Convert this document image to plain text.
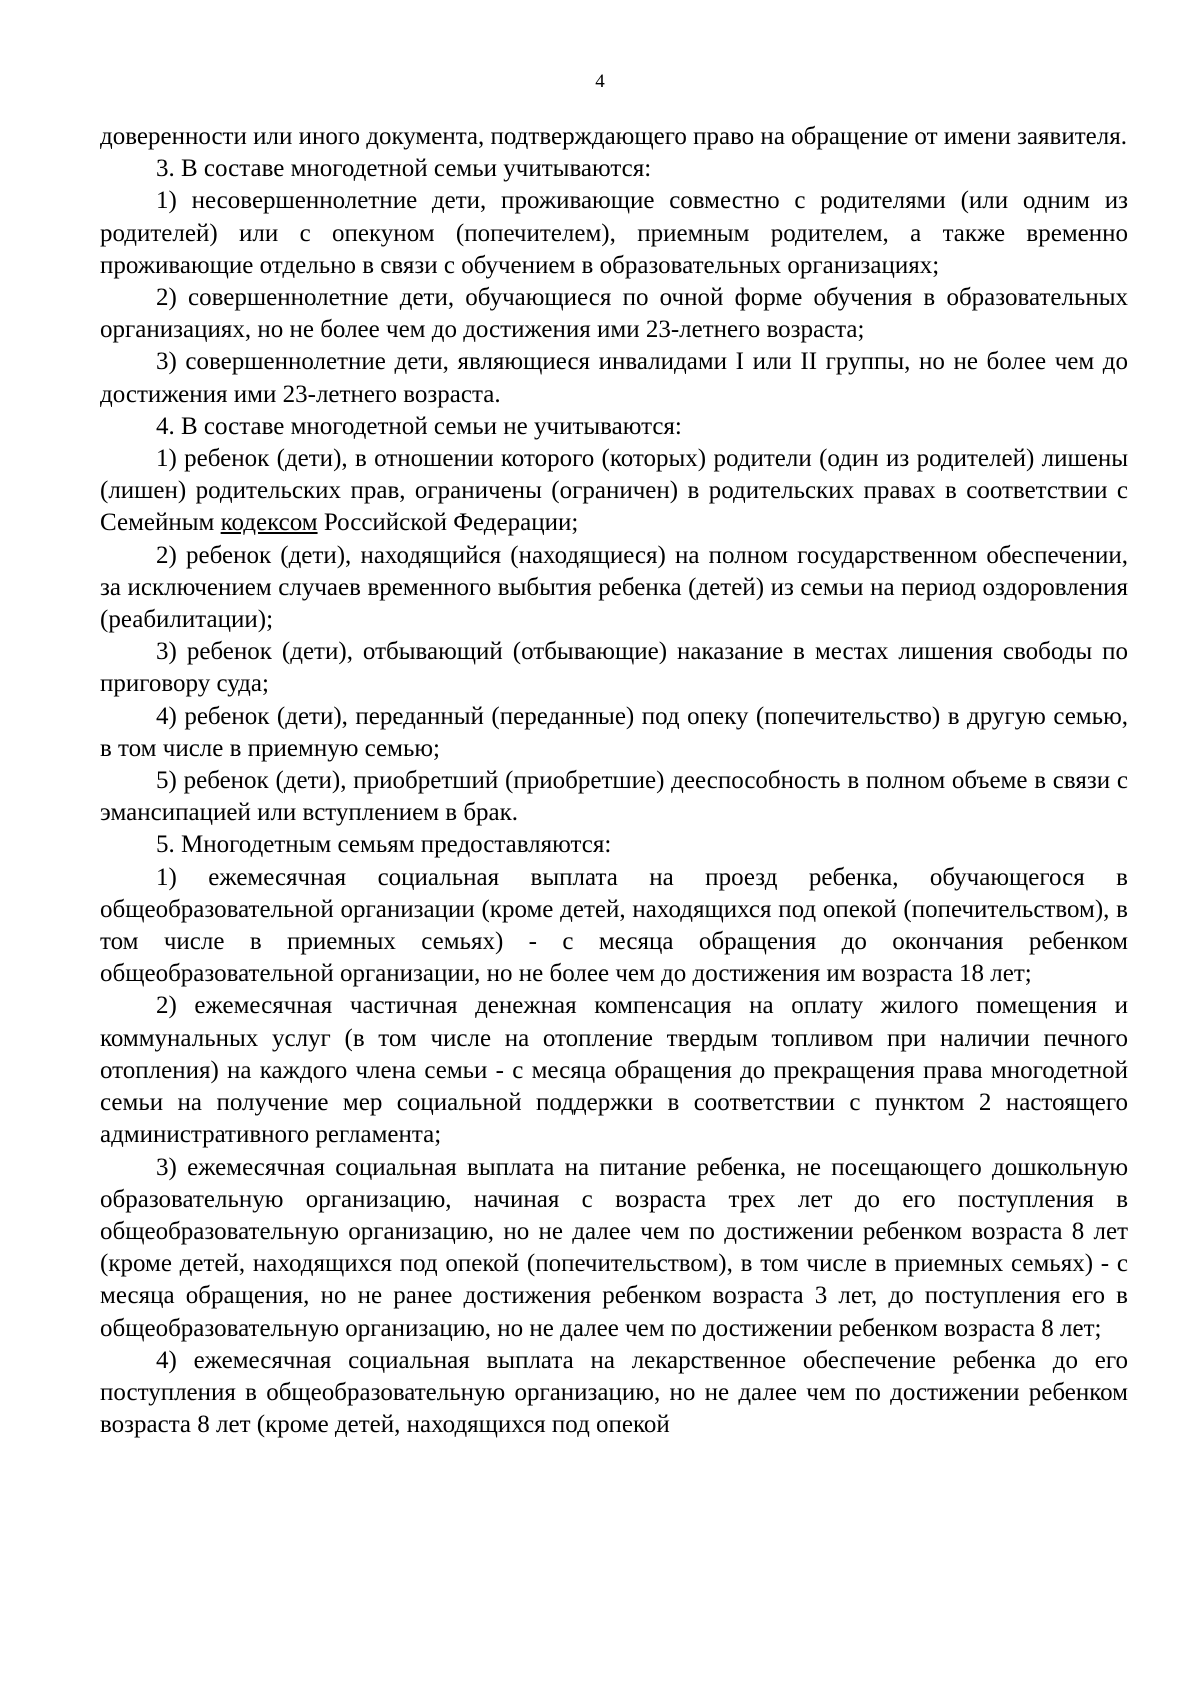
4

доверенности или иного документа, подтверждающего право на обращение от имени заявителя.

3. В составе многодетной семьи учитываются:

1) несовершеннолетние дети, проживающие совместно с родителями (или одним из родителей) или с опекуном (попечителем), приемным родителем, а также временно проживающие отдельно в связи с обучением в образовательных организациях;

2) совершеннолетние дети, обучающиеся по очной форме обучения в образовательных организациях, но не более чем до достижения ими 23-летнего возраста;

3) совершеннолетние дети, являющиеся инвалидами I или II группы, но не более чем до достижения ими 23-летнего возраста.

4. В составе многодетной семьи не учитываются:

1) ребенок (дети), в отношении которого (которых) родители (один из родителей) лишены (лишен) родительских прав, ограничены (ограничен) в родительских правах в соответствии с Семейным кодексом Российской Федерации;

2) ребенок (дети), находящийся (находящиеся) на полном государственном обеспечении, за исключением случаев временного выбытия ребенка (детей) из семьи на период оздоровления (реабилитации);

3) ребенок (дети), отбывающий (отбывающие) наказание в местах лишения свободы по приговору суда;

4) ребенок (дети), переданный (переданные) под опеку (попечительство) в другую семью, в том числе в приемную семью;

5) ребенок (дети), приобретший (приобретшие) дееспособность в полном объеме в связи с эмансипацией или вступлением в брак.

5. Многодетным семьям предоставляются:

1) ежемесячная социальная выплата на проезд ребенка, обучающегося в общеобразовательной организации (кроме детей, находящихся под опекой (попечительством), в том числе в приемных семьях) - с месяца обращения до окончания ребенком общеобразовательной организации, но не более чем до достижения им возраста 18 лет;

2) ежемесячная частичная денежная компенсация на оплату жилого помещения и коммунальных услуг (в том числе на отопление твердым топливом при наличии печного отопления) на каждого члена семьи - с месяца обращения до прекращения права многодетной семьи на получение мер социальной поддержки в соответствии с пунктом 2 настоящего административного регламента;

3) ежемесячная социальная выплата на питание ребенка, не посещающего дошкольную образовательную организацию, начиная с возраста трех лет до его поступления в общеобразовательную организацию, но не далее чем по достижении ребенком возраста 8 лет (кроме детей, находящихся под опекой (попечительством), в том числе в приемных семьях) - с месяца обращения, но не ранее достижения ребенком возраста 3 лет, до поступления его в общеобразовательную организацию, но не далее чем по достижении ребенком возраста 8 лет;

4) ежемесячная социальная выплата на лекарственное обеспечение ребенка до его поступления в общеобразовательную организацию, но не далее чем по достижении ребенком возраста 8 лет (кроме детей, находящихся под опекой
